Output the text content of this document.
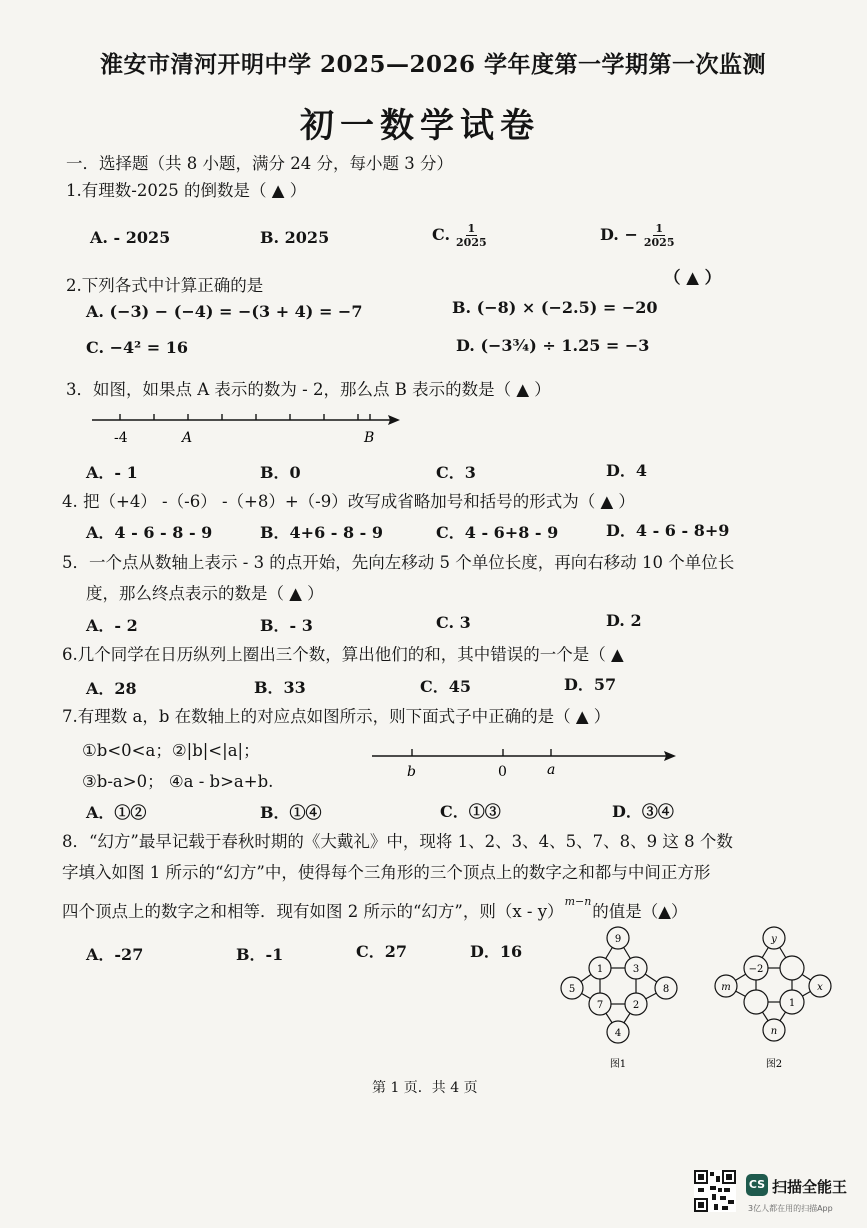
淮安市清河开明中学 2025—2026 学年度第一学期第一次监测
初一数学试卷
一．选择题（共 8 小题，满分 24 分，每小题 3 分）
1.有理数-2025 的倒数是（ ▲ ）
A. - 2025	B. 2025	C. $\frac{1}{2025}$	D. − $\frac{1}{2025}$
2.下列各式中计算正确的是	（ ▲ ）
A. (−3) − (−4) = −(3 + 4) = −7	B. (−8) × (−2.5) = −20
C. −4² = 16	D. (−3¾) ÷ 1.25 = −3
3．如图，如果点 A 表示的数为 - 2，那么点 B 表示的数是（ ▲ ）
-4	A	B
A．- 1	B．0	C．3	D．4
4. 把（+4） -（-6） -（+8）+（-9）改写成省略加号和括号的形式为（ ▲ ）
A．4 - 6 - 8 - 9	B．4+6 - 8 - 9	C．4 - 6+8 - 9	D．4 - 6 - 8+9
5．一个点从数轴上表示 - 3 的点开始，先向左移动 5 个单位长度，再向右移动 10 个单位长
度，那么终点表示的数是（ ▲ ）
A．- 2	B．- 3	C. 3	D. 2
6.几个同学在日历纵列上圈出三个数，算出他们的和，其中错误的一个是（ ▲
A．28	B．33	C．45	D．57
7.有理数 a，b 在数轴上的对应点如图所示，则下面式子中正确的是（ ▲ ）
①b<0<a；②|b|<|a|；
③b-a>0； ④a - b>a+b.	b	0	a
A．①②	B．①④	C．①③	D．③④
8．“幻方”最早记载于春秋时期的《大戴礼》中，现将 1、2、3、4、5、7、8、9 这 8 个数
字填入如图 1 所示的“幻方”中，使得每个三角形的三个顶点上的数字之和都与中间正方形
四个顶点上的数字之和相等．现有如图 2 所示的“幻方”，则（x - y）$^{m-n}$的值是（▲）
A．-27	B．-1	C．27	D．16
9
1	3
5	8
7	2
4
图1
y
−2
m	x
1
n
图2
第 1 页．共 4 页
CS 扫描全能王
3亿人都在用的扫描App
